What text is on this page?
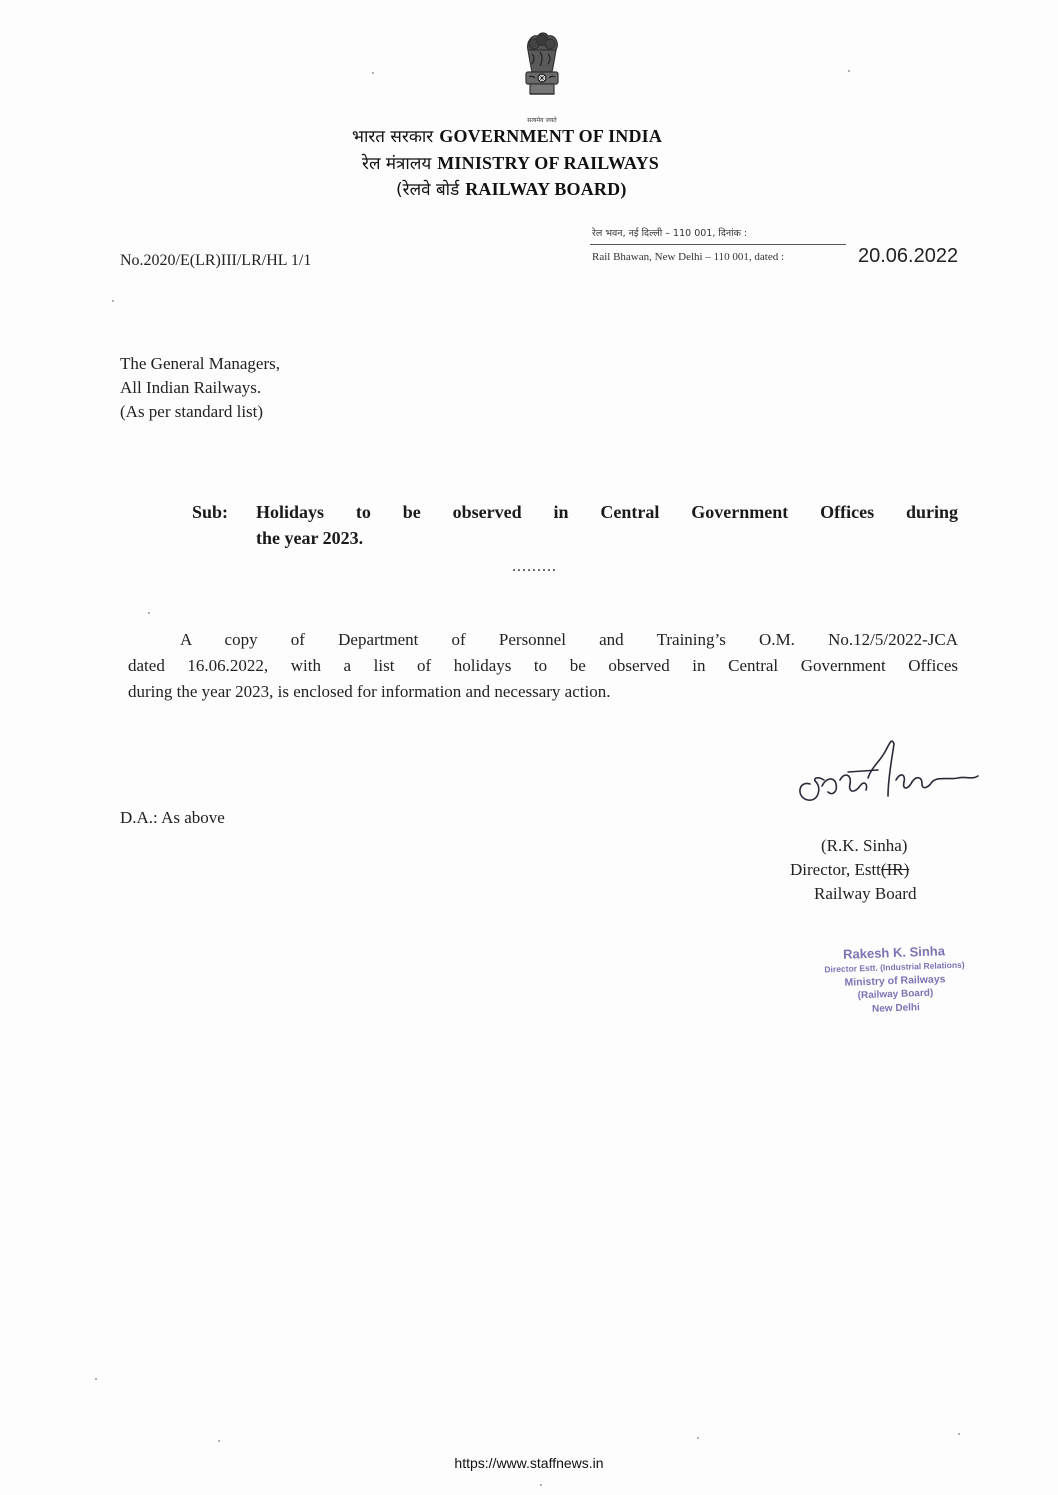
सत्यमेव जयते
भारत सरकार GOVERNMENT OF INDIA
रेल मंत्रालय MINISTRY OF RAILWAYS
(रेलवे बोर्ड RAILWAY BOARD)
No.2020/E(LR)III/LR/HL 1/1
रेल भवन, नई दिल्ली – 110 001, दिनांक :
Rail Bhawan, New Delhi – 110 001, dated :	20.06.2022
The General Managers,
All Indian Railways.
(As per standard list)
Sub: Holidays to be observed in Central Government Offices during
the year 2023.
.........
A copy of Department of Personnel and Training’s O.M. No.12/5/2022-JCA
dated 16.06.2022, with a list of holidays to be observed in Central Government Offices
during the year 2023, is enclosed for information and necessary action.
D.A.: As above
(R.K. Sinha)
Director, Estt(IR)
Railway Board
Rakesh K. Sinha
Director Estt. (Industrial Relations)
Ministry of Railways
(Railway Board)
New Delhi
https://www.staffnews.in
